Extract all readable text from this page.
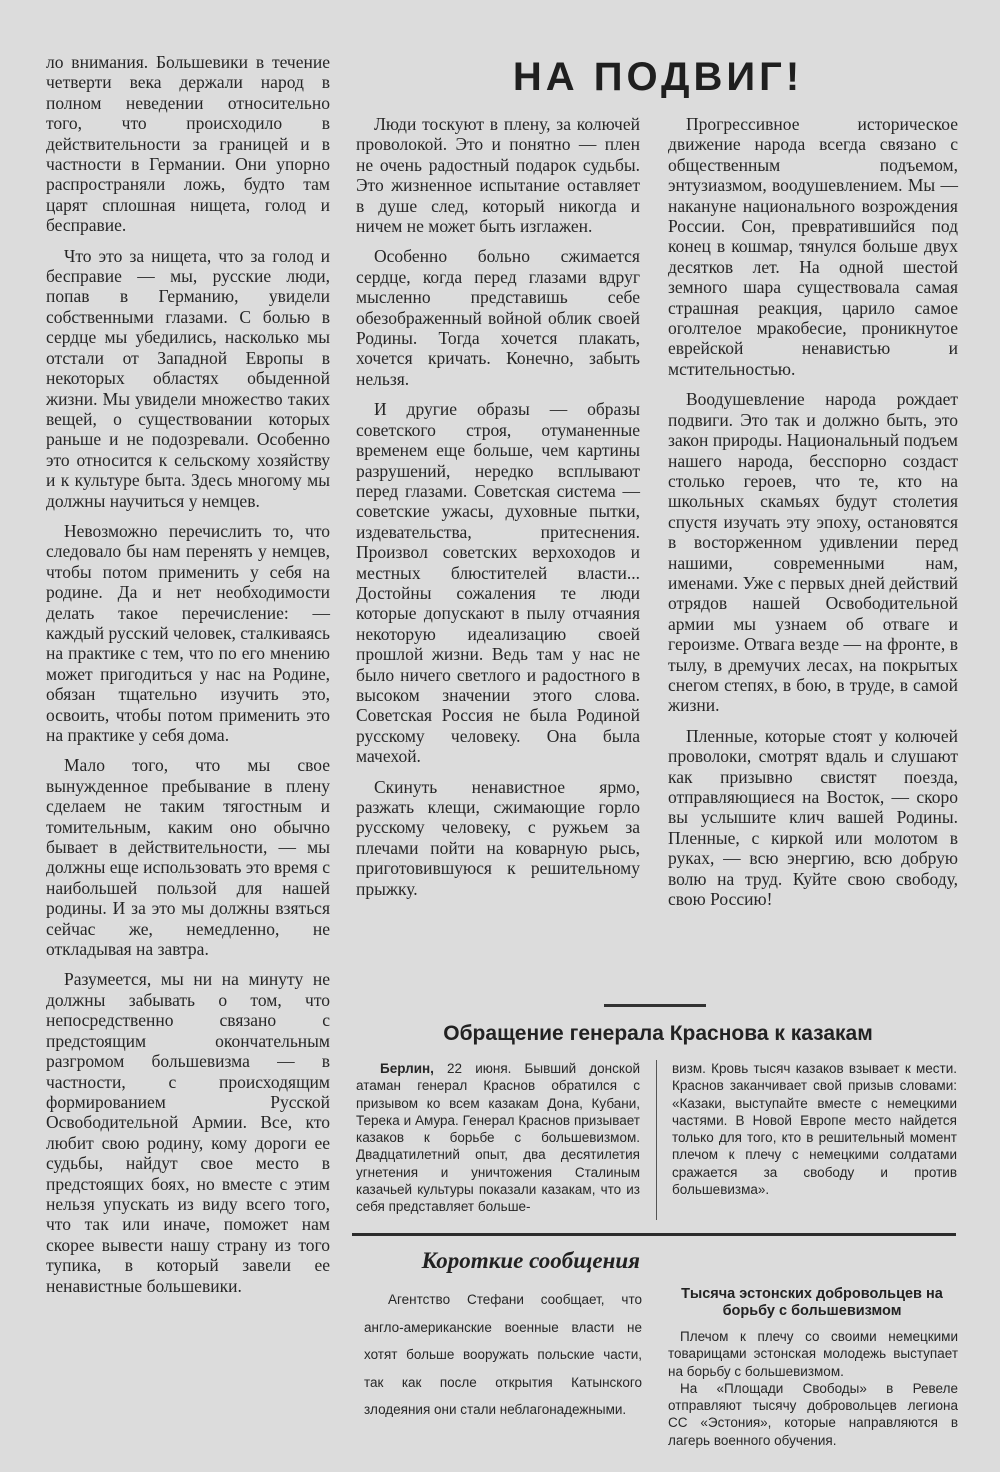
ло внимания. Большевики в течение четверти века держали народ в полном неведении относительно того, что происходило в действительности за границей и в частности в Германии. Они упорно распространяли ложь, будто там царят сплошная нищета, голод и бесправие.

Что это за нищета, что за голод и бесправие — мы, русские люди, попав в Германию, увидели собственными глазами. С болью в сердце мы убедились, насколько мы отстали от Западной Европы в некоторых областях обыденной жизни. Мы увидели множество таких вещей, о существовании которых раньше и не подозревали. Особенно это относится к сельскому хозяйству и к культуре быта. Здесь многому мы должны научиться у немцев.

Невозможно перечислить то, что следовало бы нам перенять у немцев, чтобы потом применить у себя на родине. Да и нет необходимости делать такое перечисление: — каждый русский человек, сталкиваясь на практике с тем, что по его мнению может пригодиться у нас на Родине, обязан тщательно изучить это, освоить, чтобы потом применить это на практике у себя дома.

Мало того, что мы свое вынужденное пребывание в плену сделаем не таким тягостным и томительным, каким оно обычно бывает в действительности, — мы должны еще использовать это время с наибольшей пользой для нашей родины. И за это мы должны взяться сейчас же, немедленно, не откладывая на завтра.

Разумеется, мы ни на минуту не должны забывать о том, что непосредственно связано с предстоящим окончательным разгромом большевизма — в частности, с происходящим формированием Русской Освободительной Армии. Все, кто любит свою родину, кому дороги ее судьбы, найдут свое место в предстоящих боях, но вместе с этим нельзя упускать из виду всего того, что так или иначе, поможет нам скорее вывести нашу страну из того тупика, в который завели ее ненавистные большевики.

НА ПОДВИГ!

Люди тоскуют в плену, за колючей проволокой. Это и понятно — плен не очень радостный подарок судьбы. Это жизненное испытание оставляет в душе след, который никогда и ничем не может быть изглажен.

Особенно больно сжимается сердце, когда перед глазами вдруг мысленно представишь себе обезображенный войной облик своей Родины. Тогда хочется плакать, хочется кричать. Конечно, забыть нельзя.

И другие образы — образы советского строя, отуманенные временем еще больше, чем картины разрушений, нередко всплывают перед глазами. Советская система — советские ужасы, духовные пытки, издевательства, притеснения. Произвол советских верхоходов и местных блюстителей власти... Достойны сожаления те люди которые допускают в пылу отчаяния некоторую идеализацию своей прошлой жизни. Ведь там у нас не было ничего светлого и радостного в высоком значении этого слова. Советская Россия не была Родиной русскому человеку. Она была мачехой.

Скинуть ненавистное ярмо, разжать клещи, сжимающие горло русскому человеку, с ружьем за плечами пойти на коварную рысь, приготовившуюся к решительному прыжку.

Прогрессивное историческое движение народа всегда связано с общественным подъемом, энтузиазмом, воодушевлением. Мы — накануне национального возрождения России. Сон, превратившийся под конец в кошмар, тянулся больше двух десятков лет. На одной шестой земного шара существовала самая страшная реакция, царило самое оголтелое мракобесие, проникнутое еврейской ненавистью и мстительностью.

Воодушевление народа рождает подвиги. Это так и должно быть, это закон природы. Национальный подъем нашего народа, бесспорно создаст столько героев, что те, кто на школьных скамьях будут столетия спустя изучать эту эпоху, остановятся в восторженном удивлении перед нашими, современными нам, именами. Уже с первых дней действий отрядов нашей Освободительной армии мы узнаем об отваге и героизме. Отвага везде — на фронте, в тылу, в дремучих лесах, на покрытых снегом степях, в бою, в труде, в самой жизни.

Пленные, которые стоят у колючей проволоки, смотрят вдаль и слушают как призывно свистят поезда, отправляющиеся на Восток, — скоро вы услышите клич вашей Родины. Пленные, с киркой или молотом в руках, — всю энергию, всю добрую волю на труд. Куйте свою свободу, свою Россию!

Обращение генерала Краснова к казакам

Берлин, 22 июня. Бывший донской атаман генерал Краснов обратился с призывом ко всем казакам Дона, Кубани, Терека и Амура. Генерал Краснов призывает казаков к борьбе с большевизмом. Двадцатилетний опыт, два десятилетия угнетения и уничтожения Сталиным казачьей культуры показали казакам, что из себя представляет больше-

визм. Кровь тысяч казаков взывает к мести. Краснов заканчивает свой призыв словами: «Казаки, выступайте вместе с немецкими частями. В Новой Европе место найдется только для того, кто в решительный момент плечом к плечу с немецкими солдатами сражается за свободу и против большевизма».

Короткие сообщения
Агентство Стефани сообщает, что англо-американские военные власти не хотят больше вооружать польские части, так как после открытия Катынского злодеяния они стали неблагонадежными.
Тысяча эстонских добровольцев на борьбу с большевизмом

Плечом к плечу со своими немецкими товарищами эстонская молодежь выступает на борьбу с большевизмом.

На «Площади Свободы» в Ревеле отправляют тысячу добровольцев легиона СС «Эстония», которые направляются в лагерь военного обучения.
